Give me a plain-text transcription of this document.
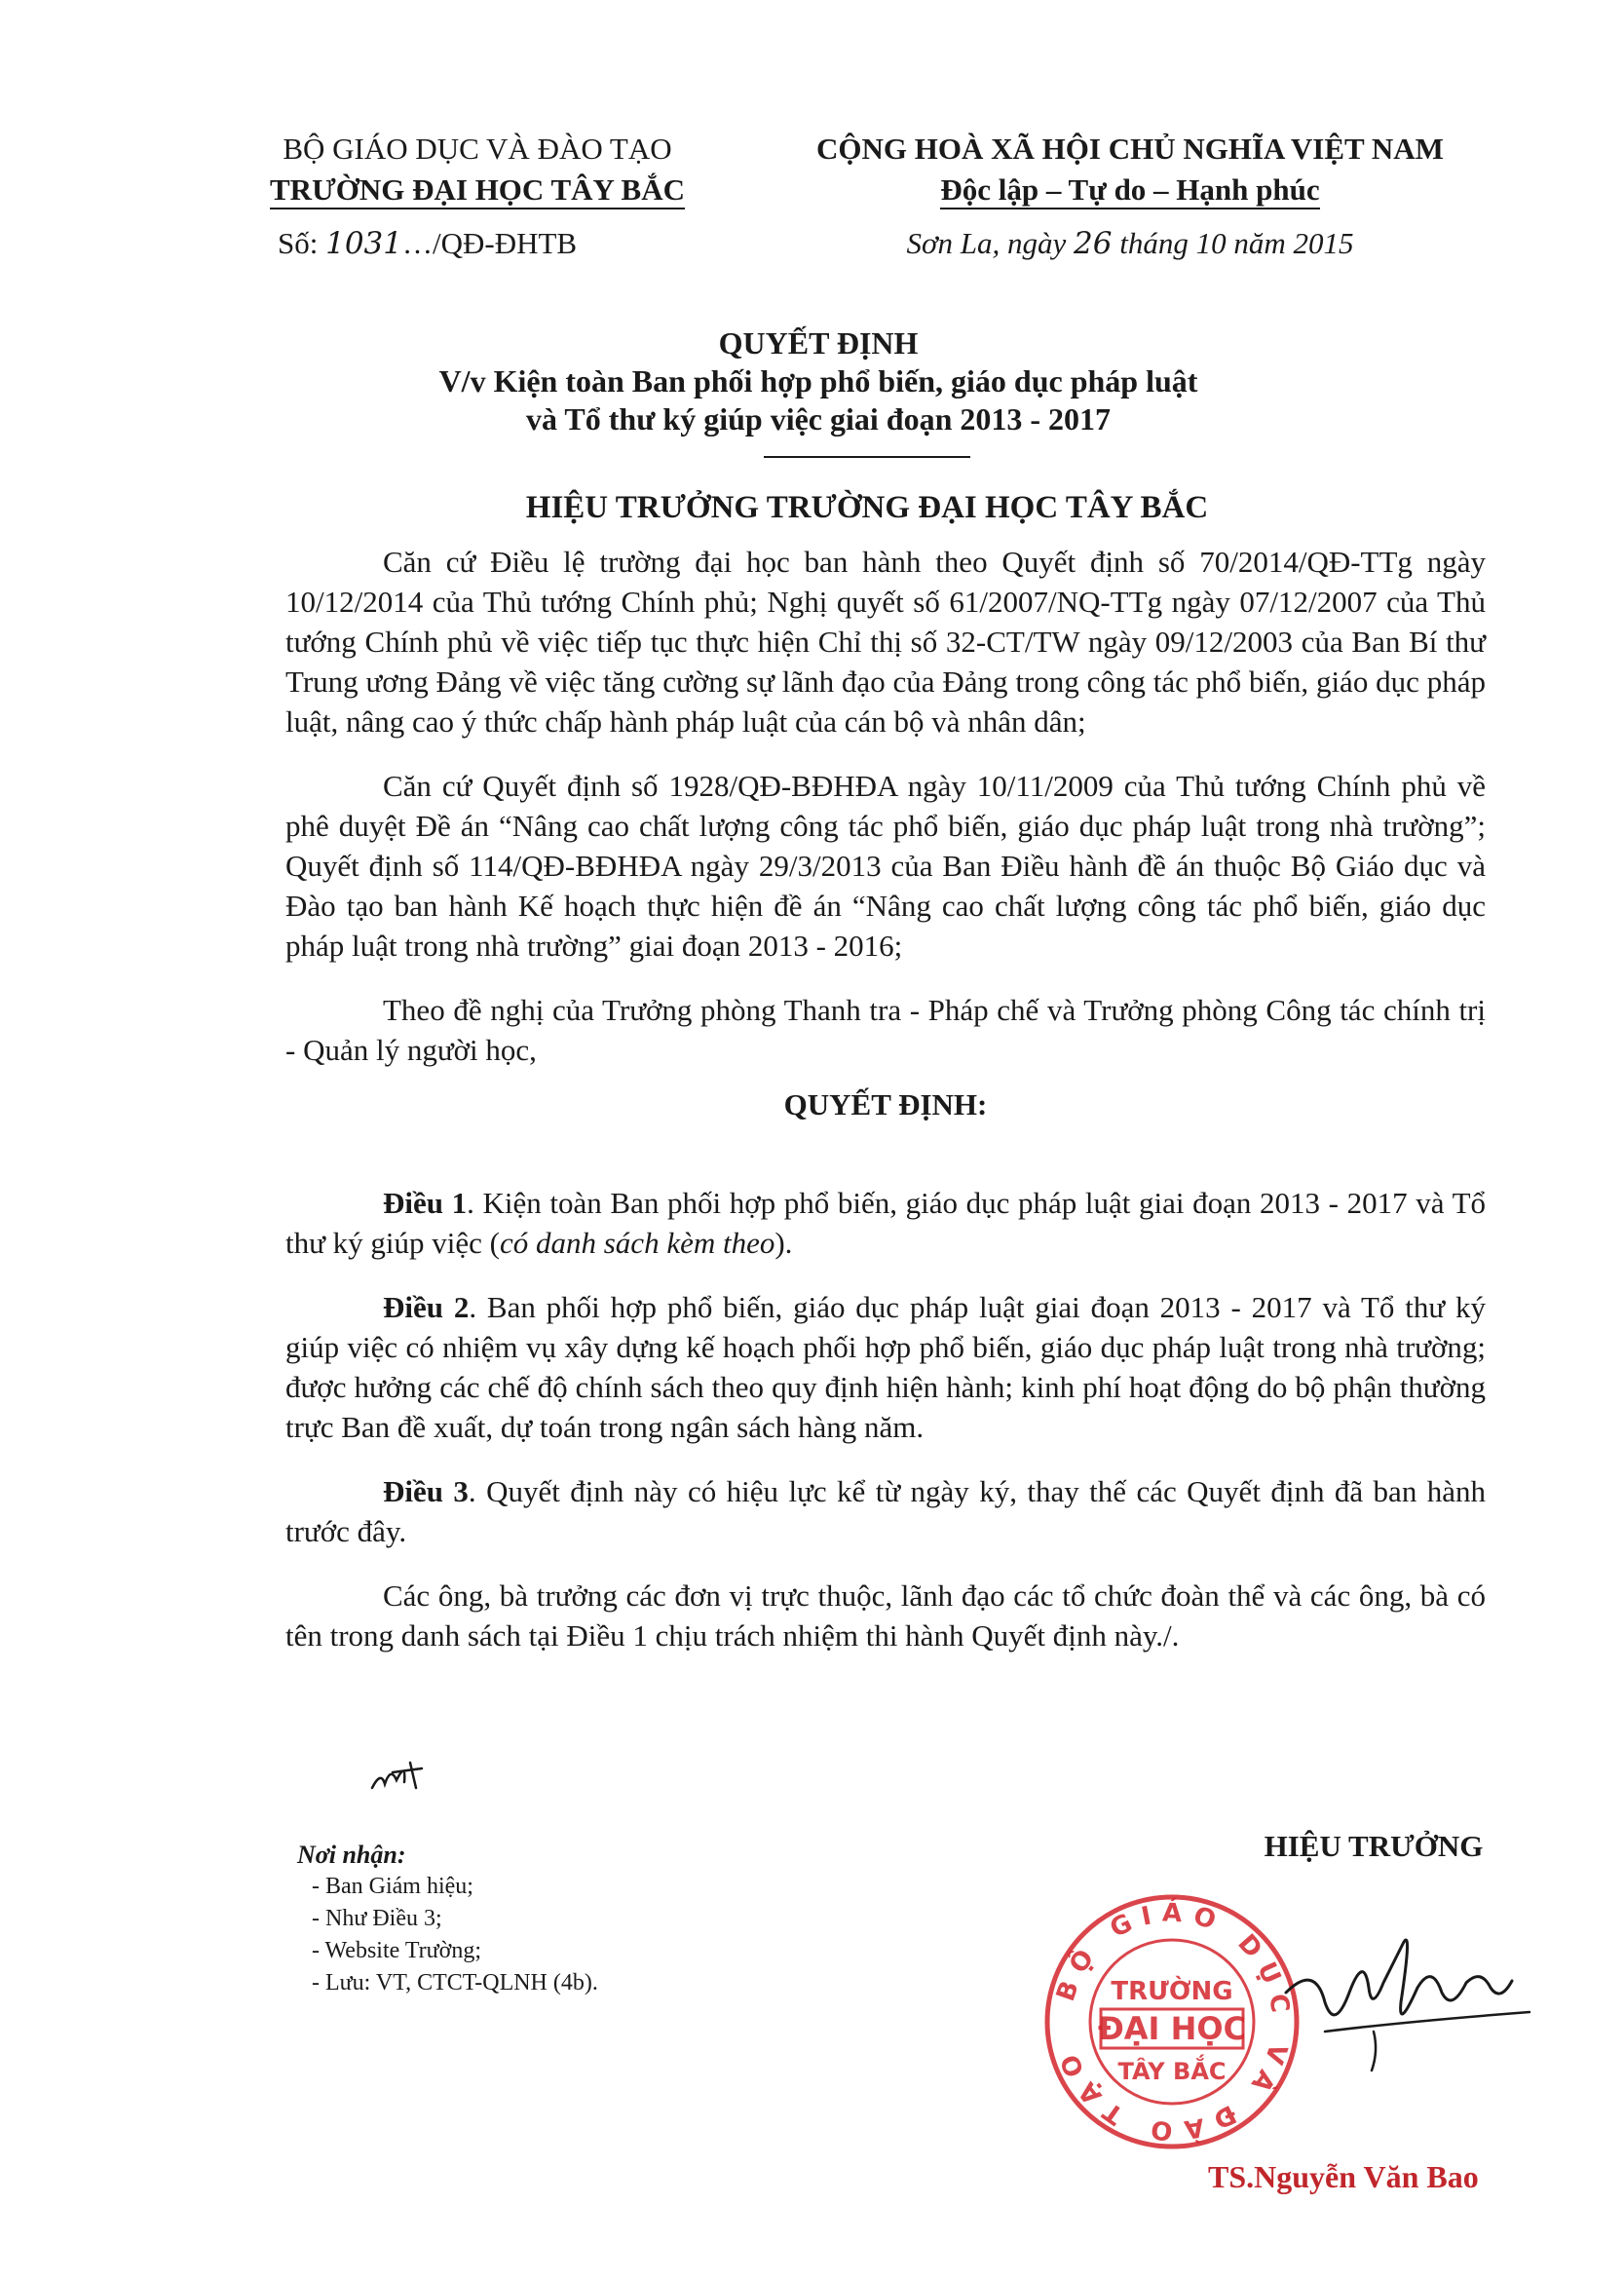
BỘ GIÁO DỤC VÀ ĐÀO TẠO
TRƯỜNG ĐẠI HỌC TÂY BẮC
Số: 1031…/QĐ-ĐHTB
CỘNG HOÀ XÃ HỘI CHỦ NGHĨA VIỆT NAM
Độc lập – Tự do – Hạnh phúc
Sơn La, ngày 26 tháng 10 năm 2015
QUYẾT ĐỊNH
V/v Kiện toàn Ban phối hợp phổ biến, giáo dục pháp luật
và Tổ thư ký giúp việc giai đoạn 2013 - 2017
HIỆU TRƯỞNG TRƯỜNG ĐẠI HỌC TÂY BẮC

Căn cứ Điều lệ trường đại học ban hành theo Quyết định số 70/2014/QĐ-TTg ngày 10/12/2014 của Thủ tướng Chính phủ; Nghị quyết số 61/2007/NQ-TTg ngày 07/12/2007 của Thủ tướng Chính phủ về việc tiếp tục thực hiện Chỉ thị số 32-CT/TW ngày 09/12/2003 của Ban Bí thư Trung ương Đảng về việc tăng cường sự lãnh đạo của Đảng trong công tác phổ biến, giáo dục pháp luật, nâng cao ý thức chấp hành pháp luật của cán bộ và nhân dân;

Căn cứ Quyết định số 1928/QĐ-BĐHĐA ngày 10/11/2009 của Thủ tướng Chính phủ về phê duyệt Đề án “Nâng cao chất lượng công tác phổ biến, giáo dục pháp luật trong nhà trường”; Quyết định số 114/QĐ-BĐHĐA ngày 29/3/2013 của Ban Điều hành đề án thuộc Bộ Giáo dục và Đào tạo ban hành Kế hoạch thực hiện đề án “Nâng cao chất lượng công tác phổ biến, giáo dục pháp luật trong nhà trường” giai đoạn 2013 - 2016;

Theo đề nghị của Trưởng phòng Thanh tra - Pháp chế và Trưởng phòng Công tác chính trị - Quản lý người học,

QUYẾT ĐỊNH:

Điều 1. Kiện toàn Ban phối hợp phổ biến, giáo dục pháp luật giai đoạn 2013 - 2017 và Tổ thư ký giúp việc (có danh sách kèm theo).

Điều 2. Ban phối hợp phổ biến, giáo dục pháp luật giai đoạn 2013 - 2017 và Tổ thư ký giúp việc có nhiệm vụ xây dựng kế hoạch phối hợp phổ biến, giáo dục pháp luật trong nhà trường; được hưởng các chế độ chính sách theo quy định hiện hành; kinh phí hoạt động do bộ phận thường trực Ban đề xuất, dự toán trong ngân sách hàng năm.

Điều 3. Quyết định này có hiệu lực kể từ ngày ký, thay thế các Quyết định đã ban hành trước đây.

Các ông, bà trưởng các đơn vị trực thuộc, lãnh đạo các tổ chức đoàn thể và các ông, bà có tên trong danh sách tại Điều 1 chịu trách nhiệm thi hành Quyết định này./.

Nơi nhận:
- Ban Giám hiệu;
- Như Điều 3;
- Website Trường;
- Lưu: VT, CTCT-QLNH (4b).
HIỆU TRƯỞNG
BỘ GIÁO DỤC VÀ ĐÀO TẠO
TRƯỜNG
ĐẠI HỌC
TÂY BẮC
TS.Nguyễn Văn Bao
